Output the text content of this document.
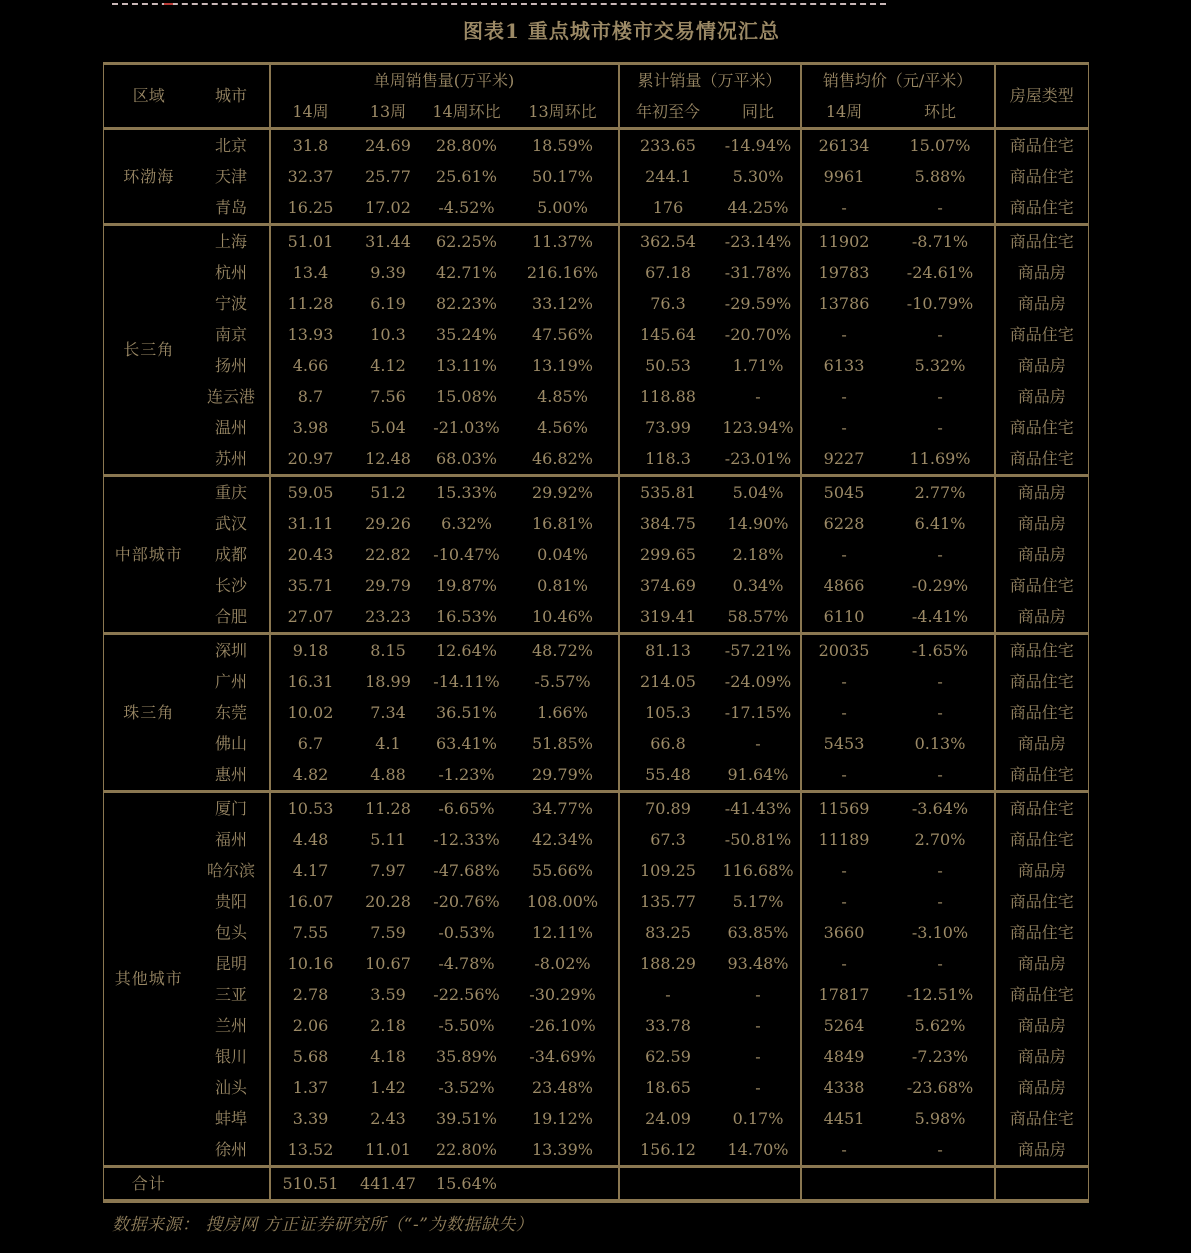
图表1 重点城市楼市交易情况汇总
区域	城市	单周销售量(万平米)				累计销量（万平米）		销售均价（元/平米）		房屋类型
		14周	13周	14周环比	13周环比	年初至今	同比	14周	环比	
环渤海	北京	31.8	24.69	28.80%	18.59%	233.65	-14.94%	26134	15.07%	商品住宅
	天津	32.37	25.77	25.61%	50.17%	244.1	5.30%	9961	5.88%	商品住宅
	青岛	16.25	17.02	-4.52%	5.00%	176	44.25%	-	-	商品住宅
长三角	上海	51.01	31.44	62.25%	11.37%	362.54	-23.14%	11902	-8.71%	商品住宅
	杭州	13.4	9.39	42.71%	216.16%	67.18	-31.78%	19783	-24.61%	商品房
	宁波	11.28	6.19	82.23%	33.12%	76.3	-29.59%	13786	-10.79%	商品房
	南京	13.93	10.3	35.24%	47.56%	145.64	-20.70%	-	-	商品住宅
	扬州	4.66	4.12	13.11%	13.19%	50.53	1.71%	6133	5.32%	商品房
	连云港	8.7	7.56	15.08%	4.85%	118.88	-	-	-	商品房
	温州	3.98	5.04	-21.03%	4.56%	73.99	123.94%	-	-	商品住宅
	苏州	20.97	12.48	68.03%	46.82%	118.3	-23.01%	9227	11.69%	商品住宅
中部城市	重庆	59.05	51.2	15.33%	29.92%	535.81	5.04%	5045	2.77%	商品房
	武汉	31.11	29.26	6.32%	16.81%	384.75	14.90%	6228	6.41%	商品房
	成都	20.43	22.82	-10.47%	0.04%	299.65	2.18%	-	-	商品房
	长沙	35.71	29.79	19.87%	0.81%	374.69	0.34%	4866	-0.29%	商品住宅
	合肥	27.07	23.23	16.53%	10.46%	319.41	58.57%	6110	-4.41%	商品房
珠三角	深圳	9.18	8.15	12.64%	48.72%	81.13	-57.21%	20035	-1.65%	商品住宅
	广州	16.31	18.99	-14.11%	-5.57%	214.05	-24.09%	-	-	商品住宅
	东莞	10.02	7.34	36.51%	1.66%	105.3	-17.15%	-	-	商品住宅
	佛山	6.7	4.1	63.41%	51.85%	66.8	-	5453	0.13%	商品房
	惠州	4.82	4.88	-1.23%	29.79%	55.48	91.64%	-	-	商品住宅
其他城市	厦门	10.53	11.28	-6.65%	34.77%	70.89	-41.43%	11569	-3.64%	商品住宅
	福州	4.48	5.11	-12.33%	42.34%	67.3	-50.81%	11189	2.70%	商品住宅
	哈尔滨	4.17	7.97	-47.68%	55.66%	109.25	116.68%	-	-	商品房
	贵阳	16.07	20.28	-20.76%	108.00%	135.77	5.17%	-	-	商品住宅
	包头	7.55	7.59	-0.53%	12.11%	83.25	63.85%	3660	-3.10%	商品住宅
	昆明	10.16	10.67	-4.78%	-8.02%	188.29	93.48%	-	-	商品房
	三亚	2.78	3.59	-22.56%	-30.29%	-	-	17817	-12.51%	商品住宅
	兰州	2.06	2.18	-5.50%	-26.10%	33.78	-	5264	5.62%	商品房
	银川	5.68	4.18	35.89%	-34.69%	62.59	-	4849	-7.23%	商品房
	汕头	1.37	1.42	-3.52%	23.48%	18.65	-	4338	-23.68%	商品房
	蚌埠	3.39	2.43	39.51%	19.12%	24.09	0.17%	4451	5.98%	商品住宅
	徐州	13.52	11.01	22.80%	13.39%	156.12	14.70%	-	-	商品房
合计		510.51	441.47	15.64%						

数据来源： 搜房网 方正证券研究所（“-”为数据缺失）
